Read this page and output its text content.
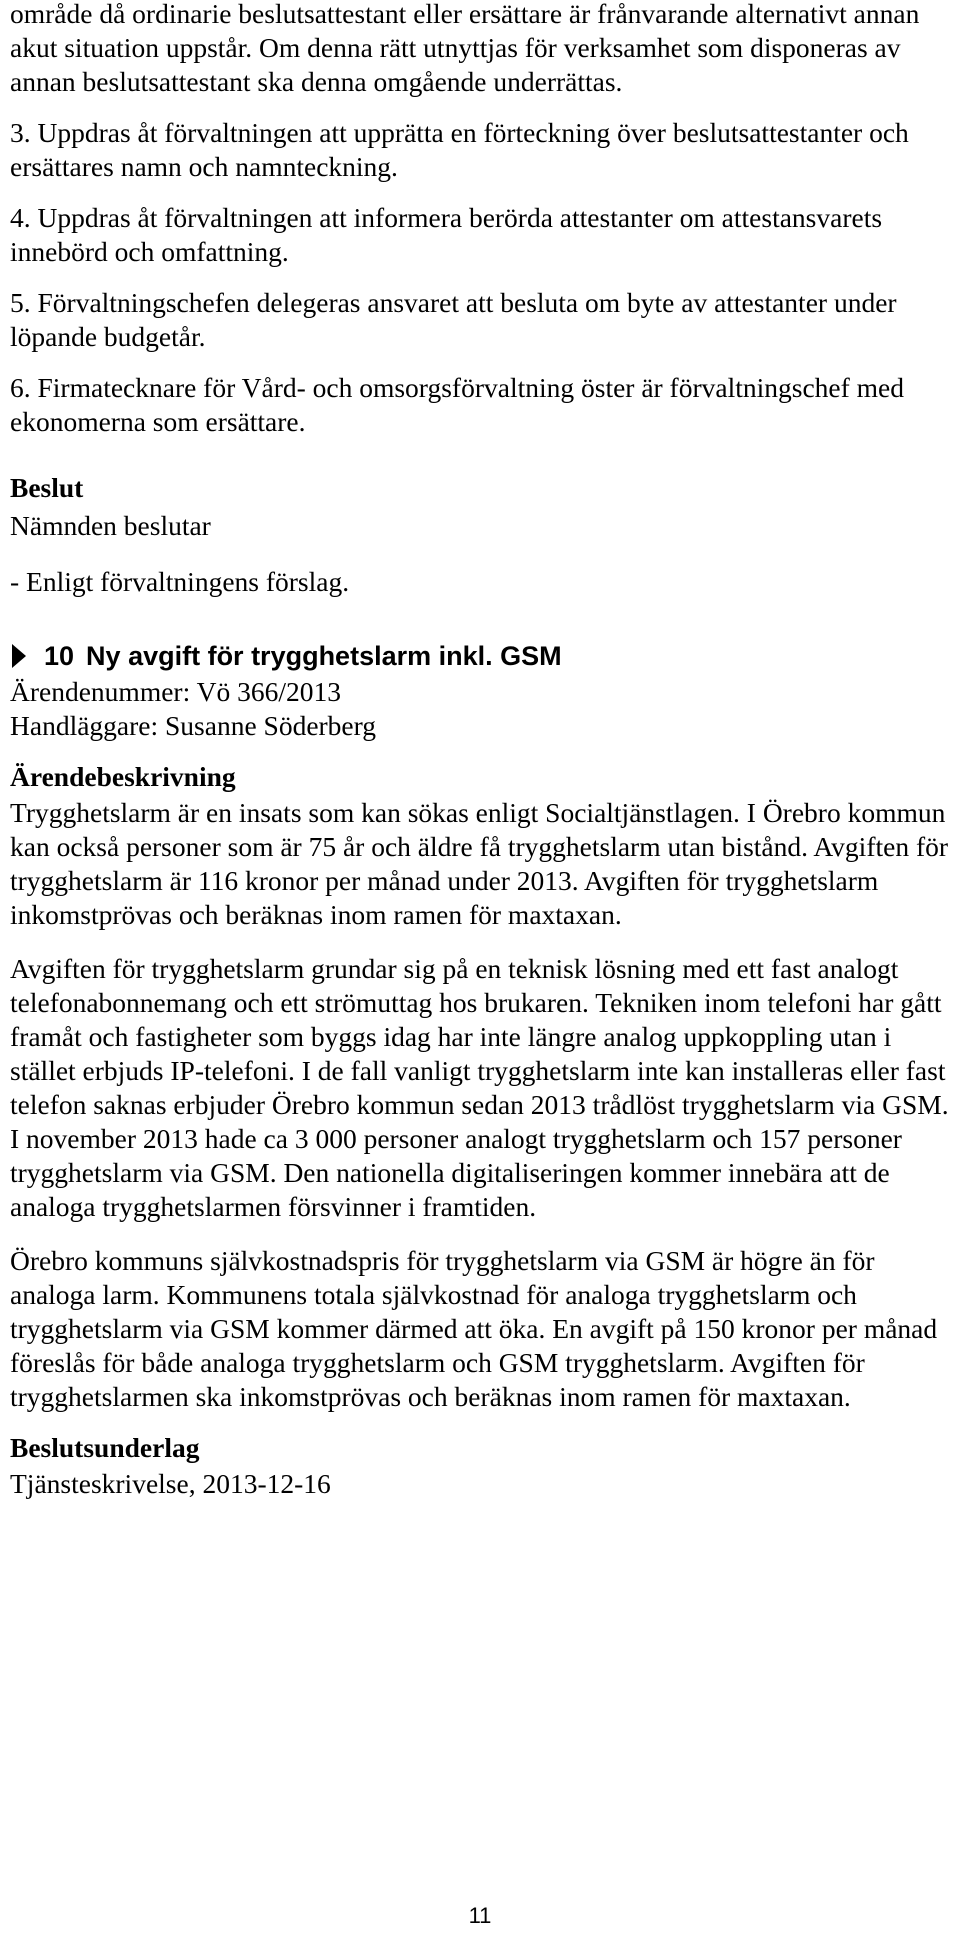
område då ordinarie beslutsattestant eller ersättare är frånvarande alternativt annan akut situation uppstår. Om denna rätt utnyttjas för verksamhet som disponeras av annan beslutsattestant ska denna omgående underrättas.

3. Uppdras åt förvaltningen att upprätta en förteckning över beslutsattestanter och ersättares namn och namnteckning.

4. Uppdras åt förvaltningen att informera berörda attestanter om attestansvarets innebörd och omfattning.

5. Förvaltningschefen delegeras ansvaret att besluta om byte av attestanter under löpande budgetår.

6. Firmatecknare för Vård- och omsorgsförvaltning öster är förvaltningschef med ekonomerna som ersättare.

Beslut

Nämnden beslutar

- Enligt förvaltningens förslag.

10 Ny avgift för trygghetslarm inkl. GSM

Ärendenummer: Vö 366/2013

Handläggare: Susanne Söderberg

Ärendebeskrivning

Trygghetslarm är en insats som kan sökas enligt Socialtjänstlagen. I Örebro kommun kan också personer som är 75 år och äldre få trygghetslarm utan bistånd. Avgiften för trygghetslarm är 116 kronor per månad under 2013. Avgiften för trygghetslarm inkomstprövas och beräknas inom ramen för maxtaxan.

Avgiften för trygghetslarm grundar sig på en teknisk lösning med ett fast analogt telefonabonnemang och ett strömuttag hos brukaren. Tekniken inom telefoni har gått framåt och fastigheter som byggs idag har inte längre analog uppkoppling utan i stället erbjuds IP-telefoni. I de fall vanligt trygghetslarm inte kan installeras eller fast telefon saknas erbjuder Örebro kommun sedan 2013 trådlöst trygghetslarm via GSM. I november 2013 hade ca 3 000 personer analogt trygghetslarm och 157 personer trygghetslarm via GSM. Den nationella digitaliseringen kommer innebära att de analoga trygghetslarmen försvinner i framtiden.

Örebro kommuns självkostnadspris för trygghetslarm via GSM är högre än för analoga larm. Kommunens totala självkostnad för analoga trygghetslarm och trygghetslarm via GSM kommer därmed att öka. En avgift på 150 kronor per månad föreslås för både analoga trygghetslarm och GSM trygghetslarm. Avgiften för trygghetslarmen ska inkomstprövas och beräknas inom ramen för maxtaxan.

Beslutsunderlag

Tjänsteskrivelse, 2013-12-16

11
